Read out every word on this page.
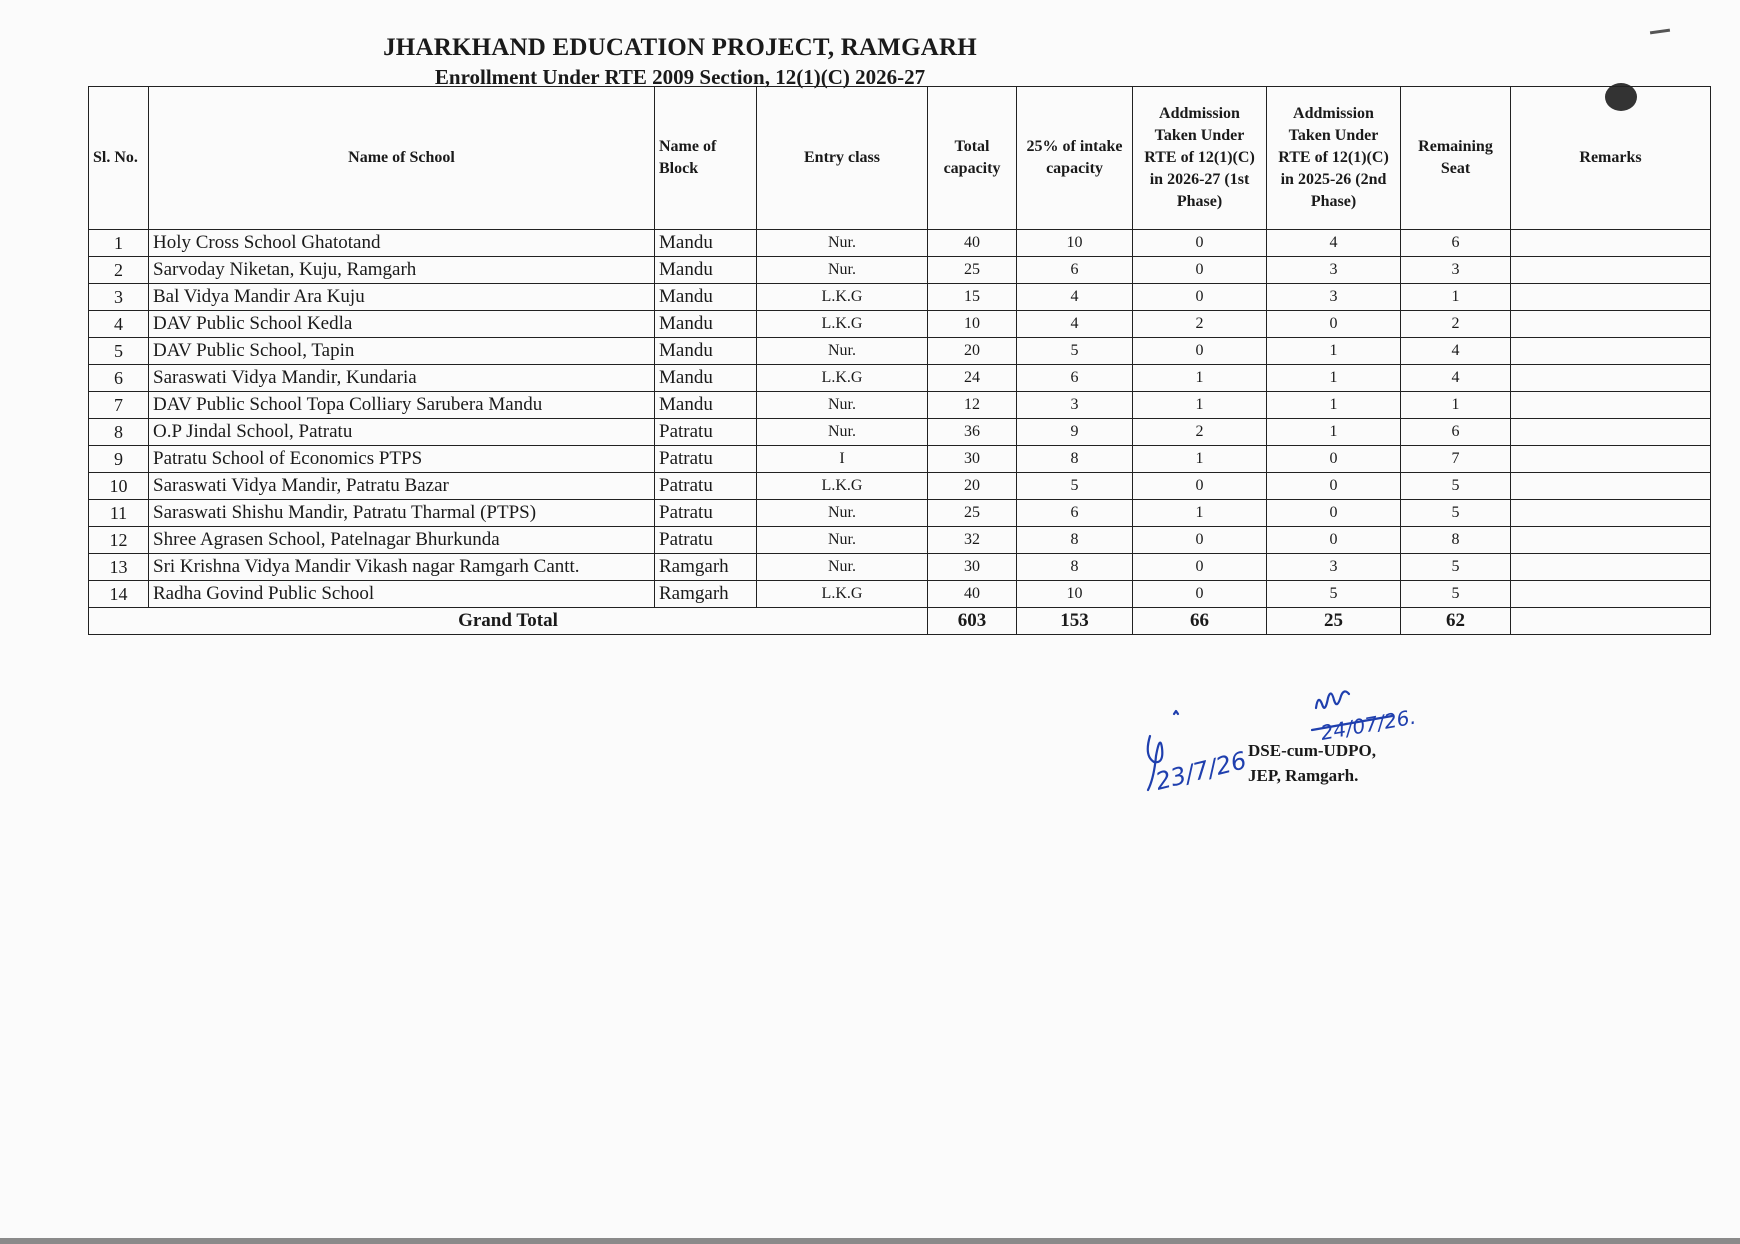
JHARKHAND EDUCATION PROJECT, RAMGARH
Enrollment Under RTE 2009 Section, 12(1)(C) 2026-27
Sl. No.	Name of School	Name of Block	Entry class	Total capacity	25% of intake capacity	Addmission Taken Under RTE of 12(1)(C) in 2026-27 (1st Phase)	Addmission Taken Under RTE of 12(1)(C) in 2025-26 (2nd Phase)	Remaining Seat	Remarks
1	Holy Cross School Ghatotand	Mandu	Nur.	40	10	0	4	6	
2	Sarvoday Niketan, Kuju, Ramgarh	Mandu	Nur.	25	6	0	3	3	
3	Bal Vidya Mandir Ara Kuju	Mandu	L.K.G	15	4	0	3	1	
4	DAV Public School Kedla	Mandu	L.K.G	10	4	2	0	2	
5	DAV Public School, Tapin	Mandu	Nur.	20	5	0	1	4	
6	Saraswati Vidya Mandir, Kundaria	Mandu	L.K.G	24	6	1	1	4	
7	DAV Public School Topa Colliary Sarubera Mandu	Mandu	Nur.	12	3	1	1	1	
8	O.P Jindal School, Patratu	Patratu	Nur.	36	9	2	1	6	
9	Patratu School of Economics PTPS	Patratu	I	30	8	1	0	7	
10	Saraswati Vidya Mandir, Patratu Bazar	Patratu	L.K.G	20	5	0	0	5	
11	Saraswati Shishu Mandir, Patratu Tharmal (PTPS)	Patratu	Nur.	25	6	1	0	5	
12	Shree Agrasen School, Patelnagar Bhurkunda	Patratu	Nur.	32	8	0	0	8	
13	Sri Krishna Vidya Mandir Vikash nagar Ramgarh Cantt.	Ramgarh	Nur.	30	8	0	3	5	
14	Radha Govind Public School	Ramgarh	L.K.G	40	10	0	5	5	
Grand Total				603	153	66	25	62	
24/07/26.
23/7/26
DSE-cum-UDPO,
JEP, Ramgarh.
